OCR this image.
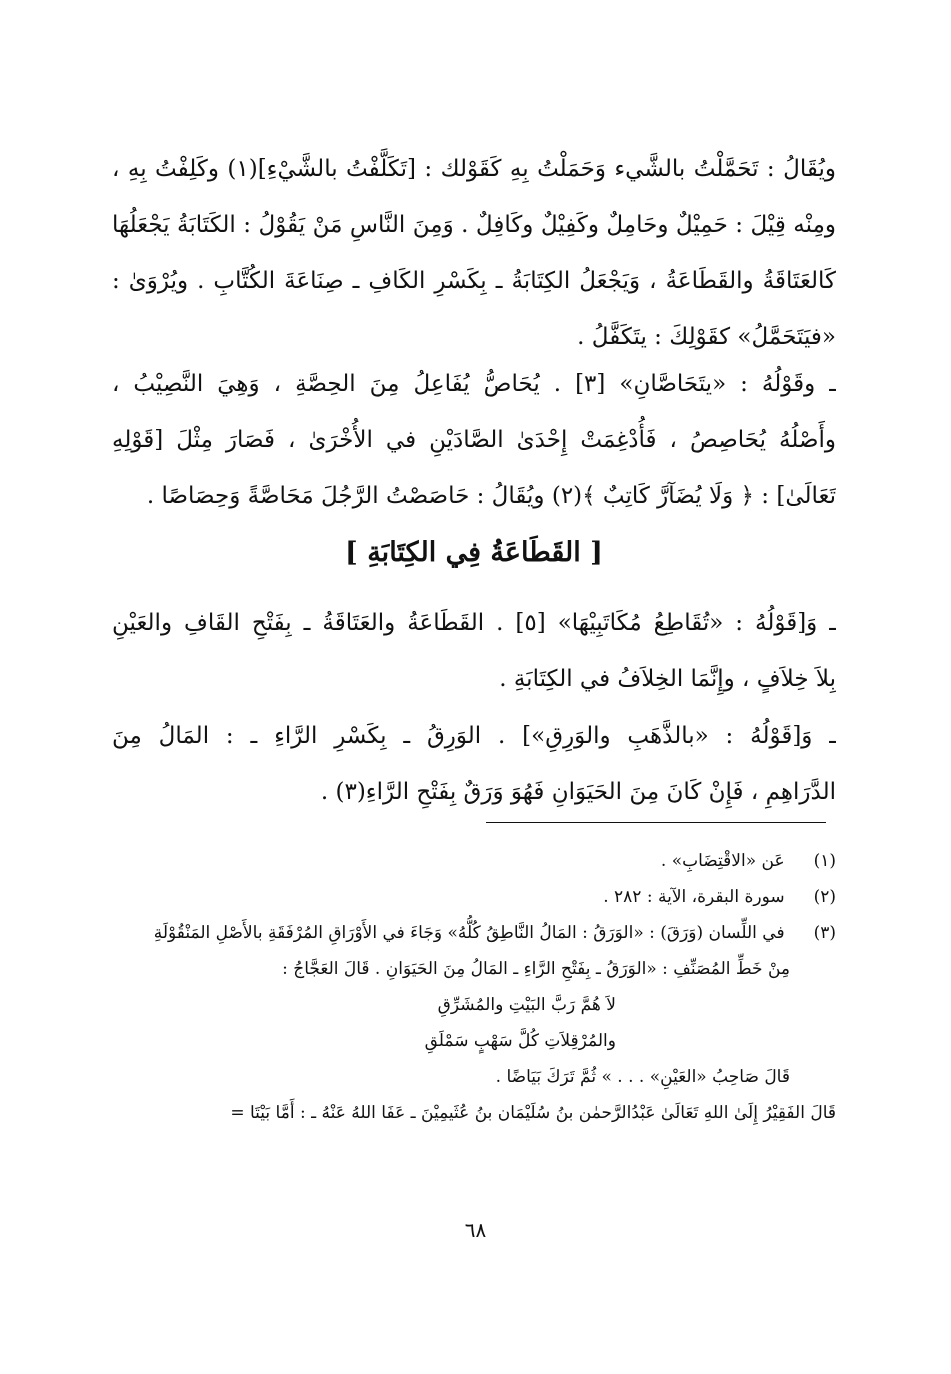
ويُقَالُ : تَحَمَّلْتُ بالشَّيء وَحَمَلْتُ بِهِ كَقَوْلك : [تَكَلَّفْتُ بالشَّيْءِ](١) وكَلِفْتُ بِهِ ،
ومِنْه قِيْلَ : حَمِيْلٌ وحَامِلٌ وكَفِيْلٌ وكَافِلٌ . وَمِنَ النَّاسِ مَنْ يَقُوْلُ : الكَتَابَةُ يَجْعَلُهَا
كَالعَتَاقَةُ والقَطَاعَةُ ، وَيَجْعَلُ الكِتَابَةُ ـ بِكَسْرِ الكَافِ ـ صِنَاعَةَ الكُتَّابِ . ويُرْوَىٰ :
«فيَتَحَمَّلُ» كقَوْلِكَ : يتَكَفَّلُ .
ـ وقَوْلُهُ : «يتَحَاصَّانِ» [٣] . يُحَاصُّ يُفَاعِلُ مِنَ الحِصَّةِ ، وَهِيَ النَّصِيْبُ ،
وأَصْلُهُ يُحَاصِصُ ، فَأُدْغِمَتْ إِحْدَىٰ الصَّادَيْنِ في الأُخْرَىٰ ، فَصَارَ مِثْلَ [قَوْلِهِ
تَعَالَىٰ] : ﴿ وَلَا يُضَآرَّ كَاتِبٌ ﴾(٢) ويُقَالُ : حَاصَصْتُ الرَّجُلَ مَحَاصَّةً وَحِصَاصًا .
[ القَطَاعَةُ فِي الكِتَابَةِ ]
ـ وَ[قَوْلُهُ : «تُقَاطِعُ مُكَاتَبِيْهَا» [٥] . القَطَاعَةُ والعَتَاقَةُ ـ بِفَتْحِ القَافِ والعَيْنِ
بِلاَ خِلاَفٍ ، وإِنَّمَا الخِلاَفُ في الكِتَابَةِ .
ـ وَ[قَوْلُهُ : «بالذَّهَبِ والوَرِقِ»] . الوَرِقُ ـ بِكَسْرِ الرَّاءِ ـ : المَالُ مِنَ
الدَّرَاهِمِ ، فَإِنْ كَانَ مِنَ الحَيَوَانِ فَهُوَ وَرَقٌ بِفَتْحِ الرَّاءِ(٣) .
(١) عَن «الاقْتِضَابِ» .
(٢) سورة البقرة، الآية : ٢٨٢ .
(٣) في اللِّسان (وَرَقَ) : «الوَرَقُ : المَالُ النَّاطِقُ كُلُّهُ» وَجَاءَ في الأَوْرَاقِ المُرْفَقَةِ بالأَصْلِ المَنْقُوْلَةِ
مِنْ خَطِّ المُصَنِّفِ : «الوَرَقُ ـ بِفَتْحِ الرَّاءِ ـ المَالُ مِنَ الحَيَوَانِ . قَالَ العَجَّاجُ :
لاَ هُمَّ رَبَّ البَيْتِ والمُشَرِّقِ
والمُرْقِلاَتِ كُلَّ سَهْبٍ سَمْلَقِ
قَالَ صَاحِبُ «العَيْنِ» . . . » ثُمَّ تَرَكَ بَيَاضًا .
قَالَ الفَقِيْرُ إِلَىٰ اللهِ تَعَالَىٰ عَبْدُالرَّحمٰن بنُ سُلَيْمَان بنُ عُثَيمِيْنَ ـ عَفَا اللهُ عَنْهُ ـ : أَمَّا بَيْتَا =
٦٨
